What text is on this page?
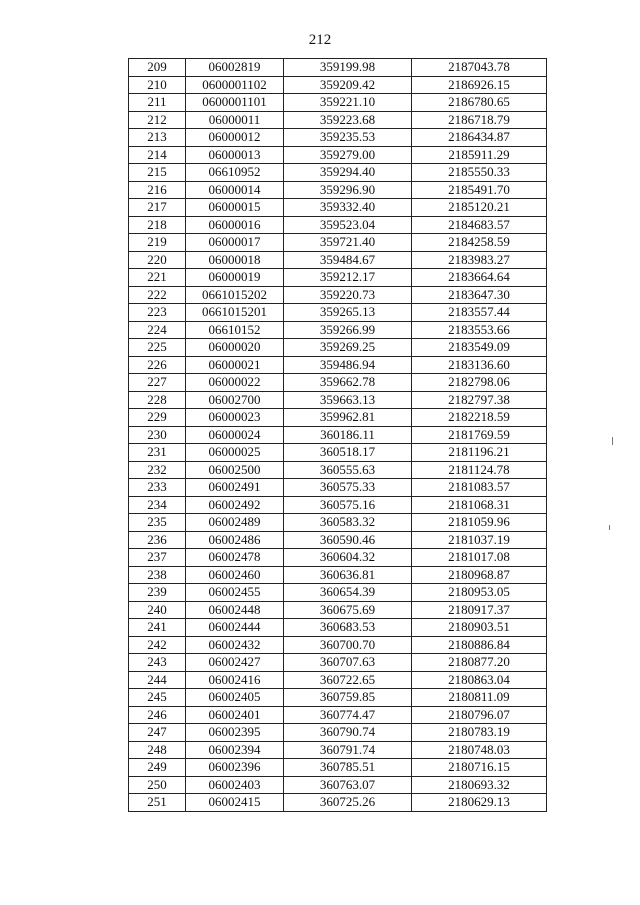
212
209	06002819	359199.98	2187043.78
210	0600001102	359209.42	2186926.15
211	0600001101	359221.10	2186780.65
212	06000011	359223.68	2186718.79
213	06000012	359235.53	2186434.87
214	06000013	359279.00	2185911.29
215	06610952	359294.40	2185550.33
216	06000014	359296.90	2185491.70
217	06000015	359332.40	2185120.21
218	06000016	359523.04	2184683.57
219	06000017	359721.40	2184258.59
220	06000018	359484.67	2183983.27
221	06000019	359212.17	2183664.64
222	0661015202	359220.73	2183647.30
223	0661015201	359265.13	2183557.44
224	06610152	359266.99	2183553.66
225	06000020	359269.25	2183549.09
226	06000021	359486.94	2183136.60
227	06000022	359662.78	2182798.06
228	06002700	359663.13	2182797.38
229	06000023	359962.81	2182218.59
230	06000024	360186.11	2181769.59
231	06000025	360518.17	2181196.21
232	06002500	360555.63	2181124.78
233	06002491	360575.33	2181083.57
234	06002492	360575.16	2181068.31
235	06002489	360583.32	2181059.96
236	06002486	360590.46	2181037.19
237	06002478	360604.32	2181017.08
238	06002460	360636.81	2180968.87
239	06002455	360654.39	2180953.05
240	06002448	360675.69	2180917.37
241	06002444	360683.53	2180903.51
242	06002432	360700.70	2180886.84
243	06002427	360707.63	2180877.20
244	06002416	360722.65	2180863.04
245	06002405	360759.85	2180811.09
246	06002401	360774.47	2180796.07
247	06002395	360790.74	2180783.19
248	06002394	360791.74	2180748.03
249	06002396	360785.51	2180716.15
250	06002403	360763.07	2180693.32
251	06002415	360725.26	2180629.13
